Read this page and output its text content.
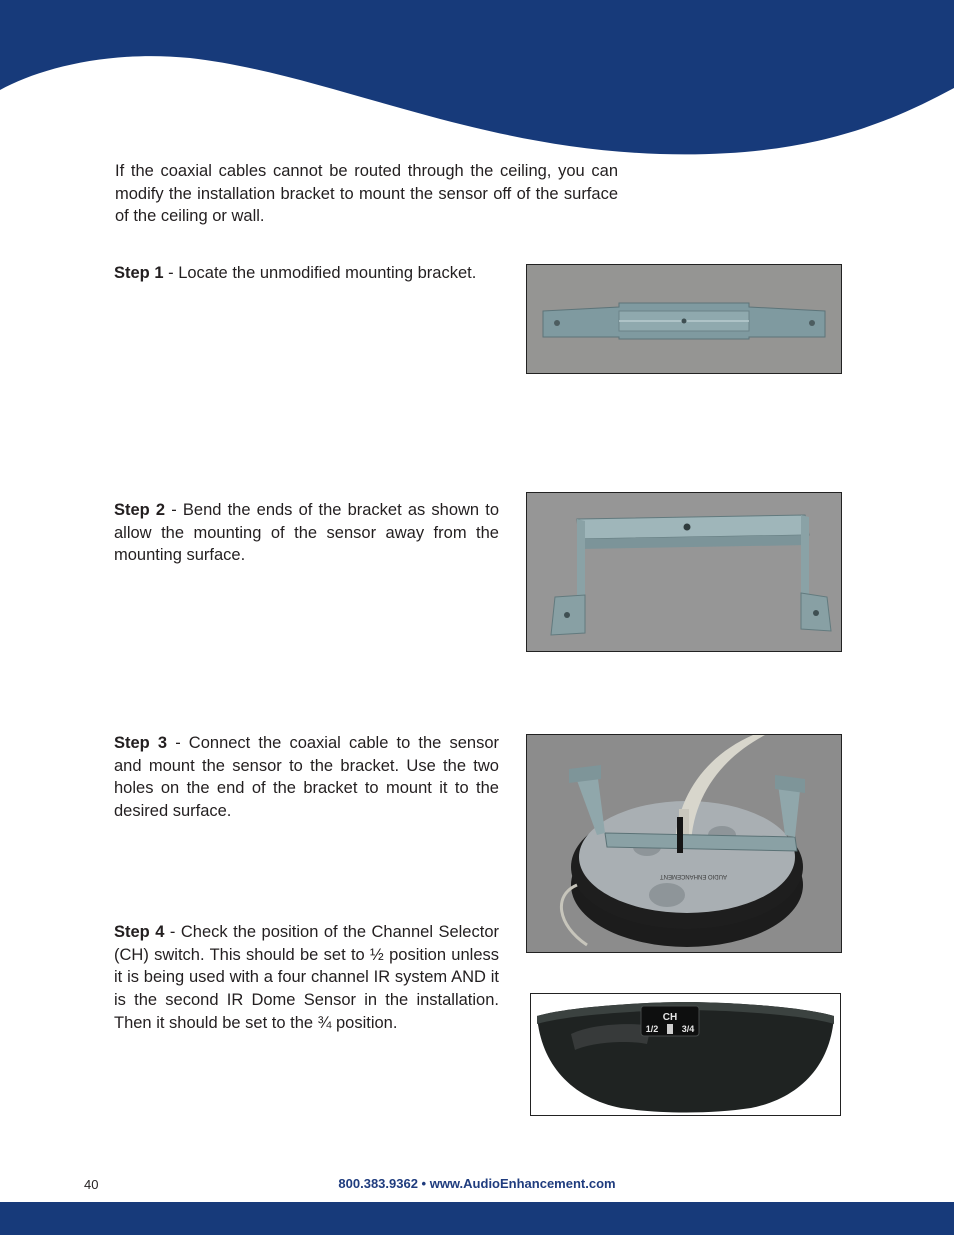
Installation

If the coaxial cables cannot be routed through the ceiling, you can modify the installation bracket to mount the sensor off of the surface of the ceiling or wall.

Step 1 - Locate the unmodified mounting bracket.

Step 2 - Bend the ends of the bracket as shown to allow the mounting of the sensor away from the mounting surface.

Step 3 - Connect the coaxial cable to the sensor and mount the sensor to the bracket. Use the two holes on the end of the bracket to mount it to the desired surface.

AUDIO ENHANCEMENT

Step 4 - Check the position of the Channel Selector (CH) switch. This should be set to ½ position unless it is being used with a four channel IR system AND it is the second IR Dome Sensor in the installation. Then it should be set to the ¾ position.	CH
1/2	3/4
40	800.383.9362 • www.AudioEnhancement.com
